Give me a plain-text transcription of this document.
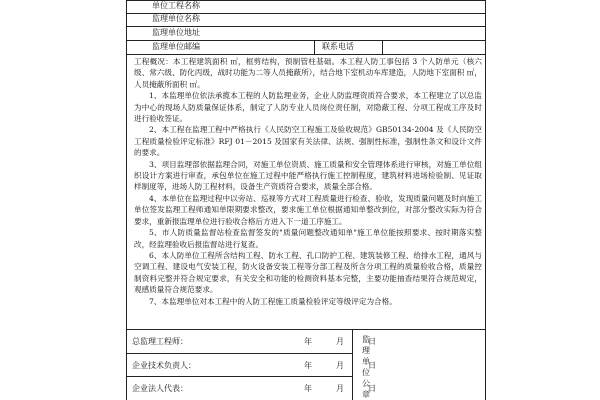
单位工程名称
监理单位名称
监理单位地址
监理单位邮编	联系电话

工程概况：本工程建筑面积 ㎡，框剪结构，预制管柱基础。本工程人防工事包括 3 个人防单元（核六级、常六级、防化丙级，战时功能为二等人员掩蔽所），结合地下室机动车库建造，人防地下室面积 ㎡，人员掩蔽所面积 ㎡。

1、本监理单位依法承揽本工程的人防监理业务，企业人防监理资质符合要求，本工程建立了以总监为中心的现场人防质量保证体系，制定了人防专业人员岗位责任制，对隐蔽工程、分项工程成工序及时进行验收签证。

2、本工程在监理工程中严格执行《人民防空工程施工及验收规范》GB50134-2004 及《人民防空工程质量检验评定标准》RFJ 01－2015 及国家有关法律、法规、强制性标准，强制性条文和设计文件的要求。

3、项目监理部依据监理合同，对施工单位资质、施工质量和安全管理体系进行审核，对施工单位组织设计方案进行审查，承包单位在施工过程中能严格执行施工控制程度，建筑材料进场检验制、见证取样制度等，进场人防工程材料，设备生产资质符合要求，质量全部合格。

4、本单位在监理过程中以旁站、巡视等方式对工程质量进行检查、验收，发现质量问题及时向施工单位签发监理工程师通知单限期要求整改，要求施工单位根据通知单整改到位，对部分整改实际为符合要求，重新报监理单位进行验收合格后方进入下一道工序施工。

5、市人防质量监督站检查监督签发的"质量问题整改通知单"施工单位能按照要求、按时期落实整改，经监理验收后报监督站进行复查。

6、本人防单位工程所含结构工程、防水工程、孔口防护工程、建筑装修工程、给排水工程，通风与空调工程、建设电气安装工程，防火设备安装工程等分部工程及所含分项工程的质量验收合格，质量控制资料完整并符合规定要求，有关安全和功能的检测资料基本完整，主要功能抽查结果符合规范规定，观感质量符合规范要求。

7、本监理单位对本工程中的人防工程施工质量检验评定等级评定为合格。

总监理工程师：	年	月	日
企业技术负责人：	年	月	日
企业法人代表：	年	月	日
监理单位公章
